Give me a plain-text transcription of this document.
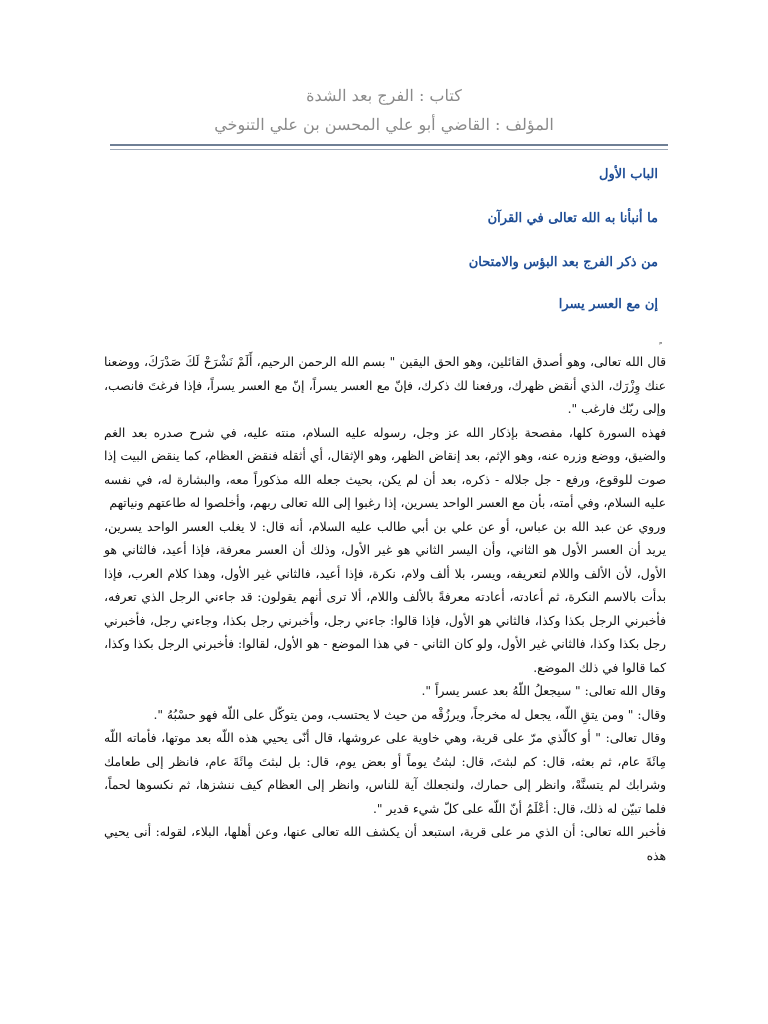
كتاب : الفرج بعد الشدة
المؤلف : القاضي أبو علي المحسن بن علي التنوخي
الباب الأول
ما أنبأنا به الله تعالى في القرآن
من ذكر الفرج بعد البؤس والامتحان
إن مع العسر يسرا

قال الله تعالى، وهو أصدق القائلين، وهو الحق اليقين " بسم الله الرحمن الرحيم، أَلَمْ نَشْرَحْ لَكَ صَدْرَكَ، ووضعنا عنك وِزْرَك، الذي أنقض ظهرك، ورفعنا لك ذكرك، فإنّ مع العسر يسراً، إنّ مع العسر يسراً، فإذا فرغتَ فانصب، وإلى ربّك فارغب ".

فهذه السورة كلها، مفصحة بإذكار الله عز وجل، رسوله عليه السلام، منته عليه، في شرح صدره بعد الغم والضيق، ووضع وزره عنه، وهو الإثم، بعد إنقاض الظهر، وهو الإثقال، أي أثقله فنقض العظام، كما ينقض البيت إذا صوت للوقوع، ورفع - جل جلاله - ذكره، بعد أن لم يكن، بحيث جعله الله مذكوراً معه، والبشارة له، في نفسه عليه السلام، وفي أمته، بأن مع العسر الواحد يسرين، إذا رغبوا إلى الله تعالى ربهم، وأخلصوا له طاعتهم ونياتهم

وروي عن عبد الله بن عباس، أو عن علي بن أبي طالب عليه السلام، أنه قال: لا يغلب العسر الواحد يسرين، يريد أن العسر الأول هو الثاني، وأن اليسر الثاني هو غير الأول، وذلك أن العسر معرفة، فإذا أعيد، فالثاني هو الأول، لأن الألف واللام لتعريفه، ويسر، بلا ألف ولام، نكرة، فإذا أعيد، فالثاني غير الأول، وهذا كلام العرب، فإذا بدأت بالاسم النكرة، ثم أعادته، أعادته معرفةً بالألف واللام، ألا ترى أنهم يقولون: قد جاءني الرجل الذي تعرفه، فأخبرني الرجل بكذا وكذا، فالثاني هو الأول، فإذا قالوا: جاءني رجل، وأخبرني رجل بكذا، وجاءني رجل، فأخبرني رجل بكذا وكذا، فالثاني غير الأول، ولو كان الثاني - في هذا الموضع - هو الأول، لقالوا: فأخبرني الرجل بكذا وكذا، كما قالوا في ذلك الموضع.

وقال الله تعالى: " سيجعلُ اللّهُ بعد عسر يسراً ".

وقال: " ومن يتقِ اللّه، يجعل له مخرجاً، ويرزُقْه من حيث لا يحتسب، ومن يتوكّل على اللّه فهو حسْبُهُ ".

وقال تعالى: " أو كالّذي مرّ على قرية، وهي خاوية على عروشها، قال أنّى يحيي هذه اللّه بعد موتها، فأماته اللّه مِائَةَ عام، ثم بعثه، قال: كم لبثتَ، قال: لبثتُ يوماً أو بعض يوم، قال: بل لبثتَ مِائَةَ عام، فانظر إلى طعامك وشرابك لم يتسنَّهْ، وانظر إلى حمارك، ولنجعلك آية للناس، وانظر إلى العظام كيف ننشزها، ثم نكسوها لحماً، فلما تبيّن له ذلك، قال: أعْلَمُ أنّ اللّه على كلّ شيء قدير ".

فأخبر الله تعالى: أن الذي مر على قرية، استبعد أن يكشف الله تعالى عنها، وعن أهلها، البلاء، لقوله: أنى يحيي هذه
